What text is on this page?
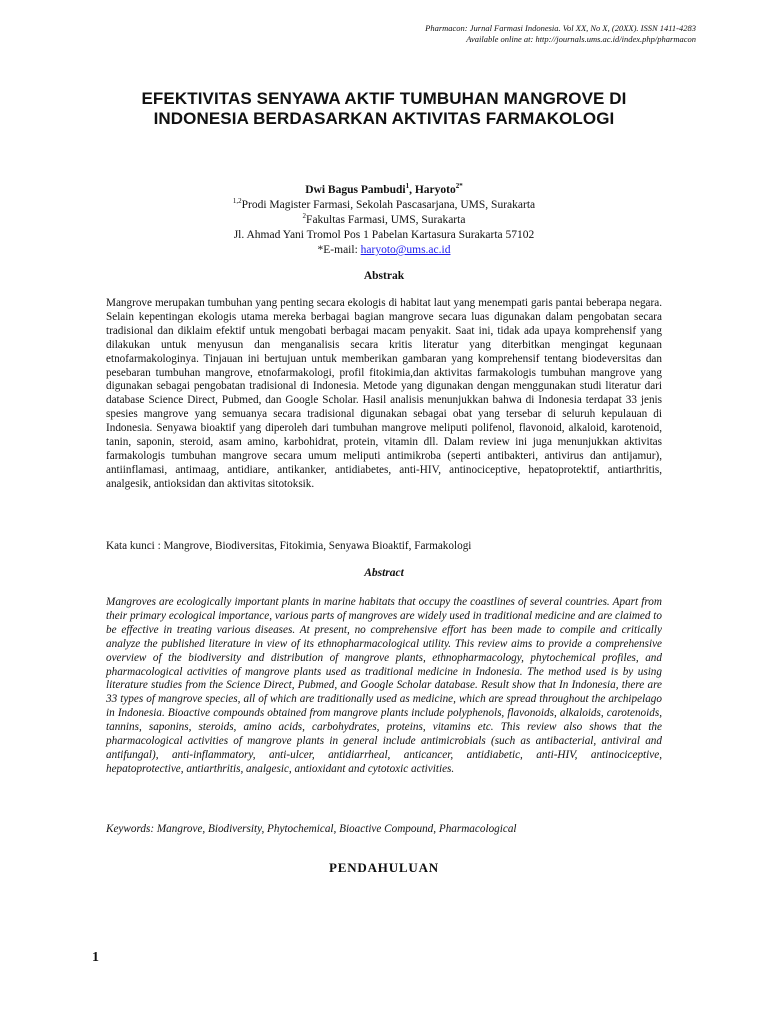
Pharmacon: Jurnal Farmasi Indonesia. Vol XX, No X, (20XX). ISSN 1411-4283
Available online at: http://journals.ums.ac.id/index.php/pharmacon
EFEKTIVITAS SENYAWA AKTIF TUMBUHAN MANGROVE DI
INDONESIA BERDASARKAN AKTIVITAS FARMAKOLOGI
Dwi Bagus Pambudi$^1$, Haryoto$^{2*}$
$^{1,2}$Prodi Magister Farmasi, Sekolah Pascasarjana, UMS, Surakarta
$^2$Fakultas Farmasi, UMS, Surakarta
Jl. Ahmad Yani Tromol Pos 1 Pabelan Kartasura Surakarta 57102
*E-mail: haryoto@ums.ac.id
Abstrak
Mangrove merupakan tumbuhan yang penting secara ekologis di habitat laut yang menempati garis pantai beberapa negara. Selain kepentingan ekologis utama mereka berbagai bagian mangrove secara luas digunakan dalam pengobatan secara tradisional dan diklaim efektif untuk mengobati berbagai macam penyakit. Saat ini, tidak ada upaya komprehensif yang dilakukan untuk menyusun dan menganalisis secara kritis literatur yang diterbitkan mengingat kegunaan etnofarmakologinya. Tinjauan ini bertujuan untuk memberikan gambaran yang komprehensif tentang biodeversitas dan pesebaran tumbuhan mangrove, etnofarmakologi, profil fitokimia,dan aktivitas farmakologis tumbuhan mangrove yang digunakan sebagai pengobatan tradisional di Indonesia. Metode yang digunakan dengan menggunakan studi literatur dari database Science Direct, Pubmed, dan Google Scholar. Hasil analisis menunjukkan bahwa di Indonesia terdapat 33 jenis spesies mangrove yang semuanya secara tradisional digunakan sebagai obat yang tersebar di seluruh kepulauan di Indonesia. Senyawa bioaktif yang diperoleh dari tumbuhan mangrove meliputi polifenol, flavonoid, alkaloid, karotenoid, tanin, saponin, steroid, asam amino, karbohidrat, protein, vitamin dll. Dalam review ini juga menunjukkan aktivitas farmakologis tumbuhan mangrove secara umum meliputi antimikroba (seperti antibakteri, antivirus dan antijamur), antiinflamasi, antimaag, antidiare, antikanker, antidiabetes, anti-HIV, antinociceptive, hepatoprotektif, antiarthritis, analgesik, antioksidan dan aktivitas sitotoksik.
Kata kunci : Mangrove, Biodiversitas, Fitokimia, Senyawa Bioaktif, Farmakologi
Abstract
Mangroves are ecologically important plants in marine habitats that occupy the coastlines of several countries. Apart from their primary ecological importance, various parts of mangroves are widely used in traditional medicine and are claimed to be effective in treating various diseases. At present, no comprehensive effort has been made to compile and critically analyze the published literature in view of its ethnopharmacological utility. This review aims to provide a comprehensive overview of the biodiversity and distribution of mangrove plants, ethnopharmacology, phytochemical profiles, and pharmacological activities of mangrove plants used as traditional medicine in Indonesia. The method used is by using literature studies from the Science Direct, Pubmed, and Google Scholar database. Result show that In Indonesia, there are 33 types of mangrove species, all of which are traditionally used as medicine, which are spread throughout the archipelago in Indonesia. Bioactive compounds obtained from mangrove plants include polyphenols, flavonoids, alkaloids, carotenoids, tannins, saponins, steroids, amino acids, carbohydrates, proteins, vitamins etc. This review also shows that the pharmacological activities of mangrove plants in general include antimicrobials (such as antibacterial, antiviral and antifungal), anti-inflammatory, anti-ulcer, antidiarrheal, anticancer, antidiabetic, anti-HIV, antinociceptive, hepatoprotective, antiarthritis, analgesic, antioxidant and cytotoxic activities.
Keywords: Mangrove, Biodiversity, Phytochemical, Bioactive Compound, Pharmacological
PENDAHULUAN
1
